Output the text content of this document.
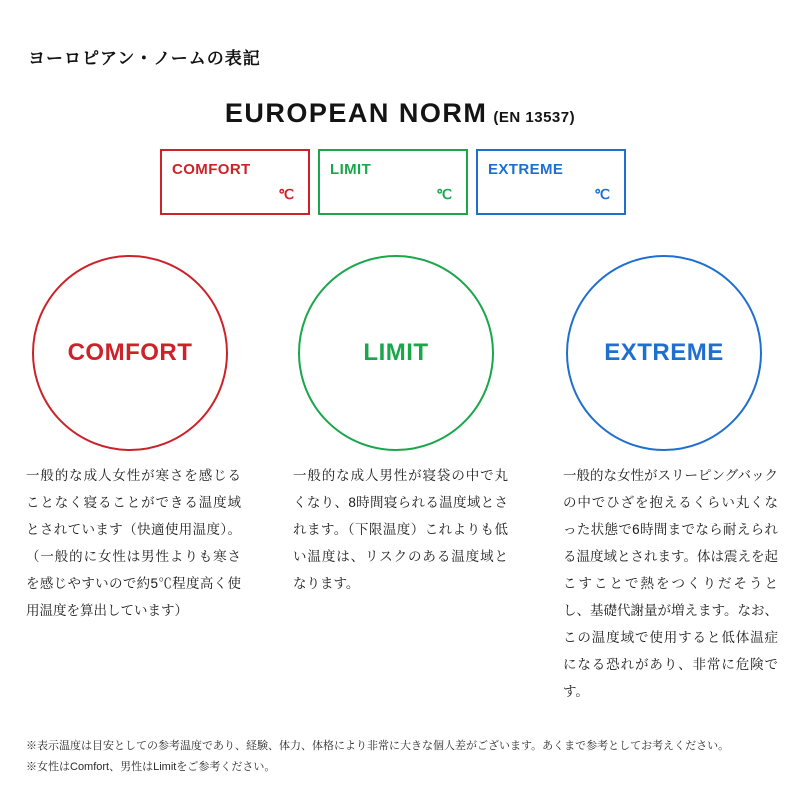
ヨーロピアン・ノームの表記
EUROPEAN NORM (EN 13537)
COMFORT
℃
LIMIT
℃
EXTREME
℃
COMFORT	LIMIT	EXTREME
一般的な成人女性が寒さを感じることなく寝ることができる温度域とされています（快適使用温度）。（一般的に女性は男性よりも寒さを感じやすいので約5℃程度高く使用温度を算出しています）
一般的な成人男性が寝袋の中で丸くなり、8時間寝られる温度域とされます。（下限温度）これよりも低い温度は、リスクのある温度域となります。
一般的な女性がスリーピングバックの中でひざを抱えるくらい丸くなった状態で6時間までなら耐えられる温度域とされます。体は震えを起こすことで熱をつくりだそうとし、基礎代謝量が増えます。なお、この温度域で使用すると低体温症になる恐れがあり、非常に危険です。
※表示温度は目安としての参考温度であり、経験、体力、体格により非常に大きな個人差がございます。あくまで参考としてお考えください。
※女性はComfort、男性はLimitをご参考ください。
